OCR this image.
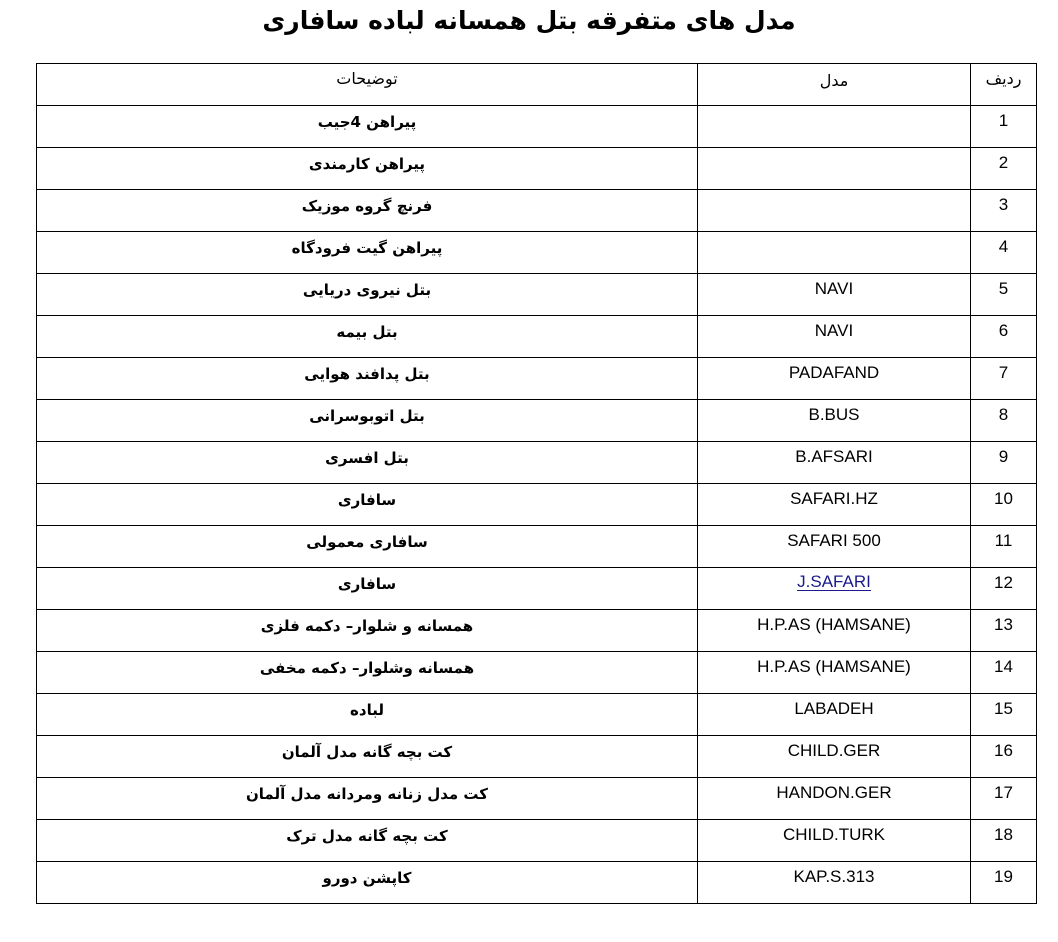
مدل های متفرقه بتل همسانه لباده سافاری
ردیف	مدل	توضیحات
1		پیراهن 4جیب
2		پیراهن کارمندی
3		فرنچ گروه موزیک
4		پیراهن گیت فرودگاه
5	NAVI	بتل نیروی دریایی
6	NAVI	بتل بیمه
7	PADAFAND	بتل پدافند هوایی
8	B.BUS	بتل اتوبوسرانی
9	B.AFSARI	بتل افسری
10	SAFARI.HZ	سافاری
11	SAFARI 500	سافاری معمولی
12	J.SAFARI	سافاری
13	H.P.AS (HAMSANE)	همسانه و شلوار– دکمه فلزی
14	H.P.AS (HAMSANE)	همسانه وشلوار– دکمه مخفی
15	LABADEH	لباده
16	CHILD.GER	کت بچه گانه مدل آلمان
17	HANDON.GER	کت مدل زنانه ومردانه مدل آلمان
18	CHILD.TURK	کت بچه گانه مدل ترک
19	KAP.S.313	کاپشن دورو
